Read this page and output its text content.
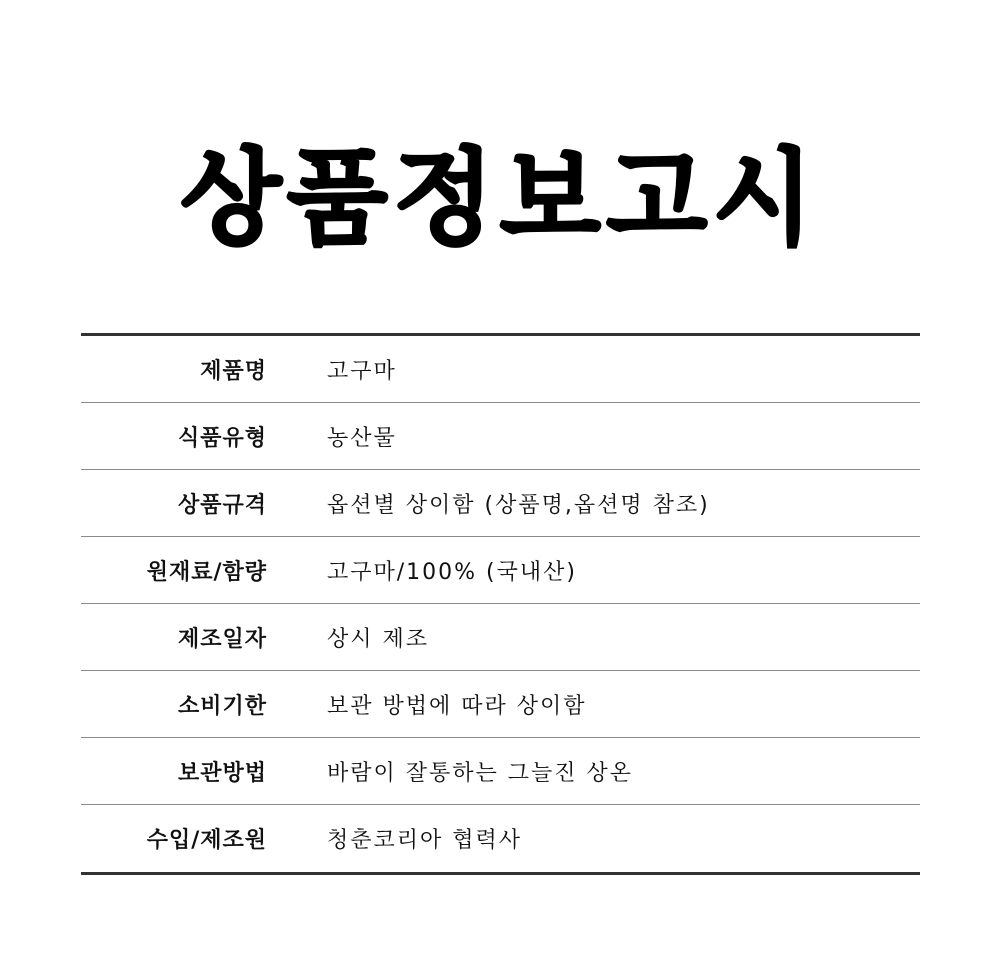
상품정보고시
제품명	고구마
식품유형	농산물
상품규격	옵션별 상이함 (상품명,옵션명 참조)
원재료/함량	고구마/100% (국내산)
제조일자	상시 제조
소비기한	보관 방법에 따라 상이함
보관방법	바람이 잘통하는 그늘진 상온
수입/제조원	청춘코리아 협력사
